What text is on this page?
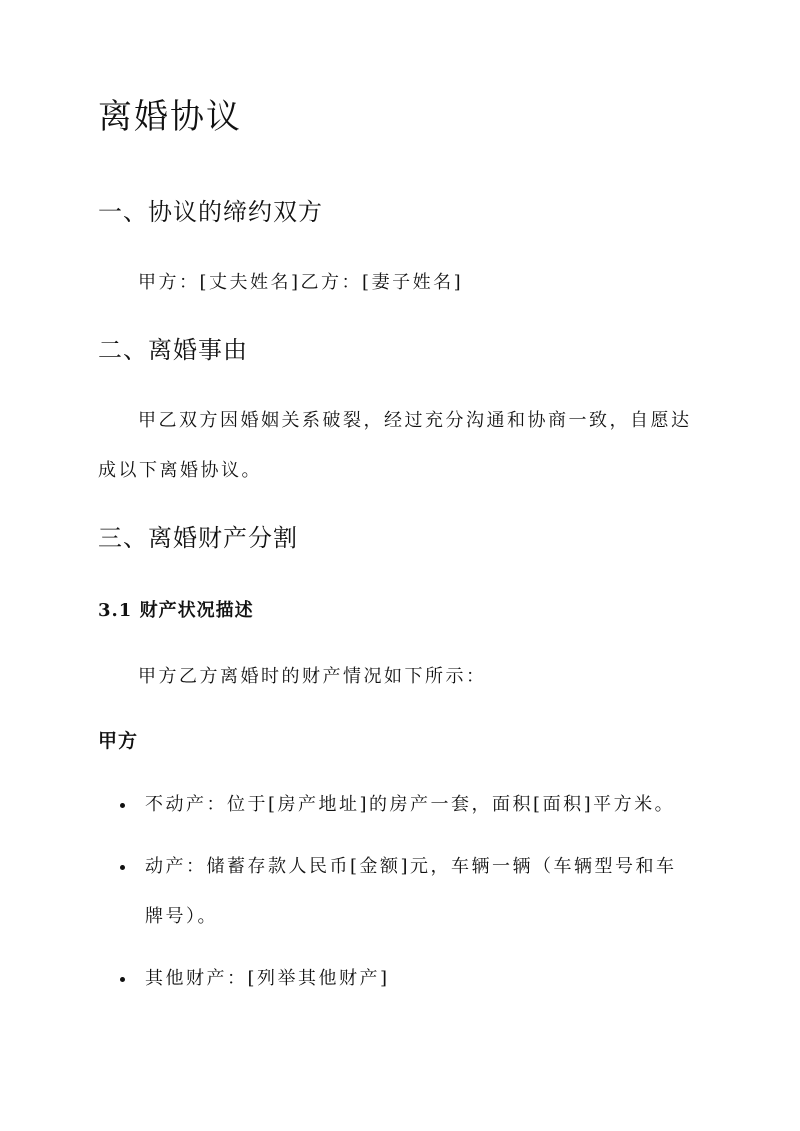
离婚协议
一、协议的缔约双方
甲方：[丈夫姓名]乙方：[妻子姓名]
二、离婚事由
甲乙双方因婚姻关系破裂，经过充分沟通和协商一致，自愿达
成以下离婚协议。
三、离婚财产分割
3.1 财产状况描述
甲方乙方离婚时的财产情况如下所示：
甲方
不动产：位于[房产地址]的房产一套，面积[面积]平方米。
动产：储蓄存款人民币[金额]元，车辆一辆（车辆型号和车
牌号）。
其他财产：[列举其他财产]
